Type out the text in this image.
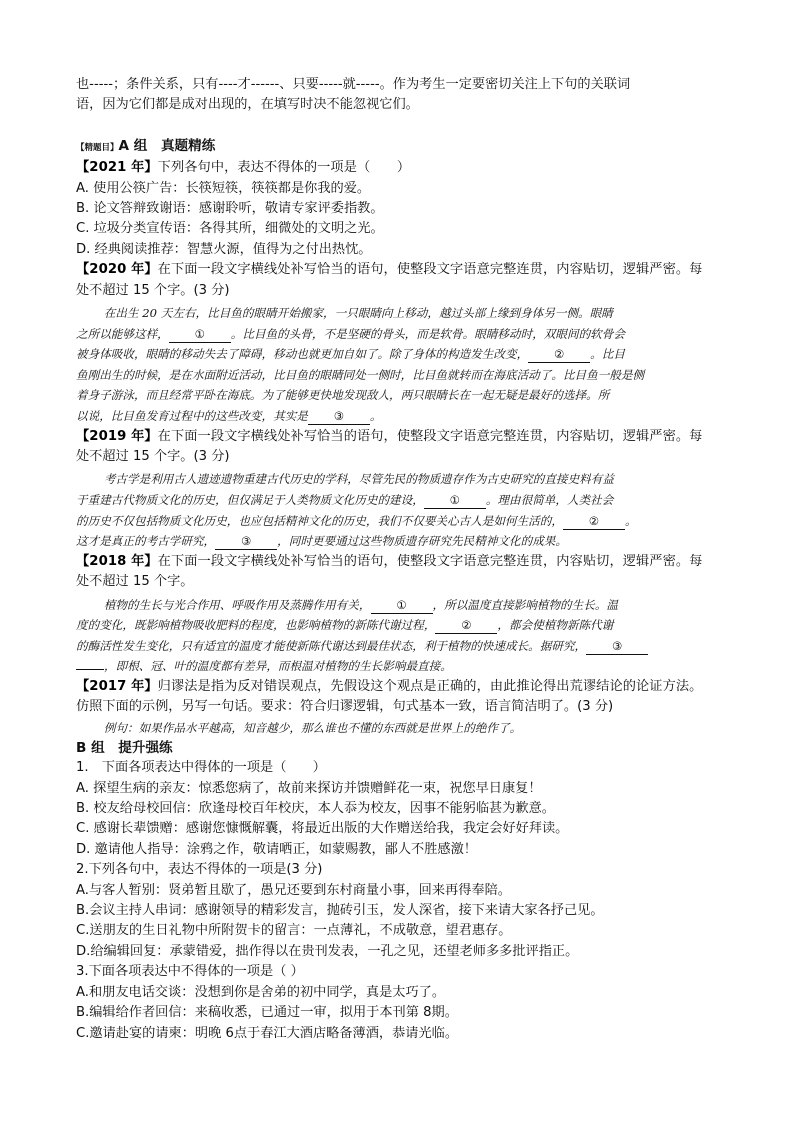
也-----；条件关系，只有----才------、只要-----就-----。作为考生一定要密切关注上下句的关联词

语，因为它们都是成对出现的，在填写时决不能忽视它们。

【精题目】A 组　真题精练

【2021 年】下列各句中，表达不得体的一项是（　　）

A. 使用公筷广告：长筷短筷，筷筷都是你我的爱。

B. 论文答辩致谢语：感谢聆听，敬请专家评委指教。

C. 垃圾分类宣传语：各得其所，细微处的文明之光。

D. 经典阅读推荐：智慧火源，值得为之付出热忱。

【2020 年】在下面一段文字横线处补写恰当的语句，使整段文字语意完整连贯，内容贴切，逻辑严密。每

处不超过 15 个字。(3 分)

在出生 20 天左右，比目鱼的眼睛开始搬家，一只眼睛向上移动，越过头部上缘到身体另一侧。眼睛

之所以能够这样， ① 。比目鱼的头骨，不是坚硬的骨头，而是软骨。眼睛移动时，双眼间的软骨会

被身体吸收，眼睛的移动失去了障碍，移动也就更加自如了。除了身体的构造发生改变， ② 。比目

鱼刚出生的时候，是在水面附近活动，比目鱼的眼睛同处一侧时，比目鱼就转而在海底活动了。比目鱼一般是侧

着身子游泳，而且经常平卧在海底。为了能够更快地发现敌人，两只眼睛长在一起无疑是最好的选择。所

以说，比目鱼发育过程中的这些改变，其实是 ③ 。

【2019 年】在下面一段文字横线处补写恰当的语句，使整段文字语意完整连贯，内容贴切，逻辑严密。每

处不超过 15 个字。(3 分)

考古学是利用古人遗迹遗物重建古代历史的学科，尽管先民的物质遗存作为古史研究的直接史料有益

于重建古代物质文化的历史，但仅满足于人类物质文化历史的建设， ① 。理由很简单，人类社会

的历史不仅包括物质文化历史，也应包括精神文化的历史，我们不仅要关心古人是如何生活的， ② 。

这才是真正的考古学研究， ③ ，同时更要通过这些物质遗存研究先民精神文化的成果。

【2018 年】在下面一段文字横线处补写恰当的语句，使整段文字语意完整连贯，内容贴切，逻辑严密。每

处不超过 15 个字。

植物的生长与光合作用、呼吸作用及蒸腾作用有关， ① ，所以温度直接影响植物的生长。温

度的变化，既影响植物吸收肥料的程度，也影响植物的新陈代谢过程， ② ，都会使植物新陈代谢

的酶活性发生变化，只有适宜的温度才能使新陈代谢达到最佳状态，利于植物的快速成长。据研究， ③

，即根、冠、叶的温度都有差异，而根温对植物的生长影响最直接。

【2017 年】归谬法是指为反对错误观点，先假设这个观点是正确的，由此推论得出荒谬结论的论证方法。

仿照下面的示例，另写一句话。要求：符合归谬逻辑，句式基本一致，语言简洁明了。(3 分)

例句：如果作品水平越高，知音越少，那么谁也不懂的东西就是世界上的绝作了。

B 组　提升强练

1.　下面各项表达中得体的一项是（　　）

A. 探望生病的亲友：惊悉您病了，故前来探访并馈赠鲜花一束，祝您早日康复！

B. 校友给母校回信：欣逢母校百年校庆，本人忝为校友，因事不能躬临甚为歉意。

C. 感谢长辈馈赠：感谢您慷慨解囊，将最近出版的大作赠送给我，我定会好好拜读。

D. 邀请他人指导：涂鸦之作，敬请哂正，如蒙赐教，鄙人不胜感激！

2.下列各句中，表达不得体的一项是(3 分)

A.与客人暂别：贤弟暂且歇了，愚兄还要到东村商量小事，回来再得奉陪。

B.会议主持人串词：感谢领导的精彩发言，抛砖引玉，发人深省，接下来请大家各抒己见。

C.送朋友的生日礼物中所附贺卡的留言：一点薄礼，不成敬意，望君惠存。

D.给编辑回复：承蒙错爱，拙作得以在贵刊发表，一孔之见，还望老师多多批评指正。

3.下面各项表达中不得体的一项是（ ）

A.和朋友电话交谈：没想到你是舍弟的初中同学，真是太巧了。

B.编辑给作者回信：来稿收悉，已通过一审，拟用于本刊第 8期。

C.邀请赴宴的请柬：明晚 6点于春江大酒店略备薄酒，恭请光临。
